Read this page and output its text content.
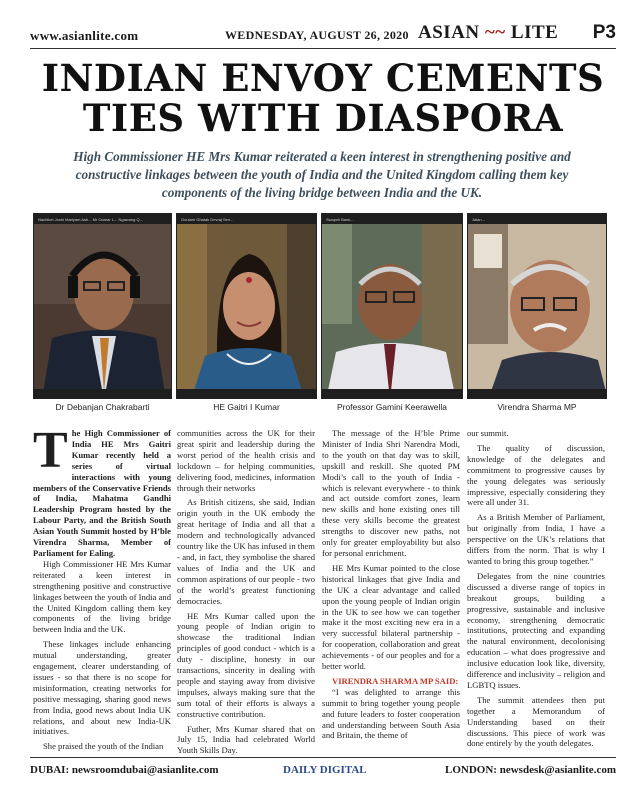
www.asianlite.com	WEDNESDAY, AUGUST 26, 2020 ASIAN ~~ LITE P3
INDIAN ENVOY CEMENTS
TIES WITH DIASPORA
High Commissioner HE Mrs Kumar reiterated a keen interest in strengthening positive and constructive linkages between the youth of India and the United Kingdom calling them key components of the living bridge between India and the UK.
Nachiket Joshi Mariyam Ash... Mr Oumar L... Ngawang Q...
Dr Debanjan Chakrabarti
Goutam Ghatak Devraj Sen...
HE Gaitri I Kumar
Swapnil Bank...
Professor Gamini Keerawella
Jalan...
Virendra Sharma MP

The High Commissioner of India HE Mrs Gaitri Kumar recently held a series of virtual interactions with young members of the Conservative Friends of India, Mahatma Gandhi Leadership Program hosted by the Labour Party, and the British South Asian Youth Summit hosted by H’ble Virendra Sharma, Member of Parliament for Ealing.

High Commissioner HE Mrs Kumar reiterated a keen interest in strengthening positive and constructive linkages between the youth of India and the United Kingdom calling them key components of the living bridge between India and the UK.

These linkages include enhancing mutual understanding, greater engagement, clearer understanding of issues - so that there is no scope for misinformation, creating networks for positive messaging, sharing good news from India, good news about India UK relations, and about new India-UK initiatives.

She praised the youth of the Indian

communities across the UK for their great spirit and leadership during the worst period of the health crisis and lockdown – for helping communities, delivering food, medicines, information through their networks

As British citizens, she said, Indian origin youth in the UK embody the great heritage of India and all that a modern and technologically advanced country like the UK has infused in them - and, in fact, they symbolise the shared values of India and the UK and common aspirations of our people - two of the world’s greatest functioning democracies.

HE Mrs Kumar called upon the young people of Indian origin to showcase the traditional Indian principles of good conduct - which is a duty - discipline, honesty in our transactions, sincerity in dealing with people and staying away from divisive impulses, always making sure that the sum total of their efforts is always a constructive contribution.

Futher, Mrs Kumar shared that on July 15, India had celebrated World Youth Skills Day.

The message of the H’ble Prime Minister of India Shri Narendra Modi, to the youth on that day was to skill, upskill and reskill. She quoted PM Modi’s call to the youth of India - which is relevant everywhere - to think and act outside comfort zones, learn new skills and hone existing ones till these very skills become the greatest strengths to discover new paths, not only for greater employability but also for personal enrichment.

HE Mrs Kumar pointed to the close historical linkages that give India and the UK a clear advantage and called upon the young people of Indian origin in the UK to see how we can together make it the most exciting new era in a very successful bilateral partnership - for cooperation, collaboration and great achievements - of our peoples and for a better world.

VIRENDRA SHARMA MP SAID:

“I was delighted to arrange this summit to bring together young people and future leaders to foster cooperation and understanding between South Asia and Britain, the theme of

our summit.

The quality of discussion, knowledge of the delegates and commitment to progressive causes by the young delegates was seriously impressive, especially considering they were all under 31.

As a British Member of Parliament, but originally from India, I have a perspective on the UK’s relations that differs from the norm. That is why I wanted to bring this group together.”

Delegates from the nine countries discussed a diverse range of topics in breakout groups, building a progressive, sustainable and inclusive economy, strengthening democratic institutions, protecting and expanding the natural environment, decolonising education – what does progressive and inclusive education look like, diversity, difference and inclusivity – religion and LGBTQ issues.

The summit attendees then put together a Memorandum of Understanding based on their discussions. This piece of work was done entirely by the youth delegates.

DUBAI: newsroomdubai@asianlite.com	DAILY DIGITAL	LONDON: newsdesk@asianlite.com
